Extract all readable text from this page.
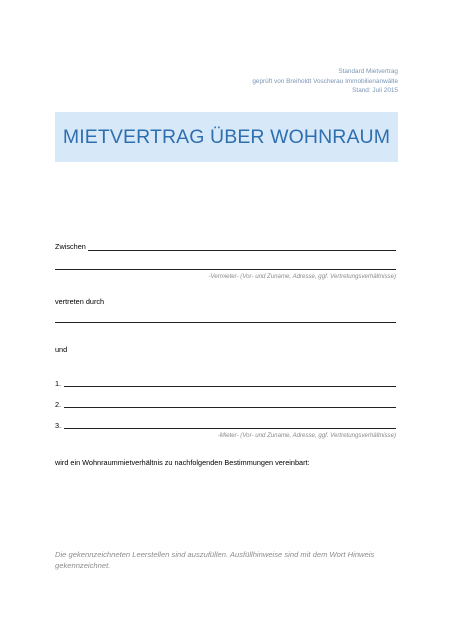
Standard Mietvertrag
geprüft von Breiholdt Voscherau Immobilienanwälte
Stand: Juli 2015
MIETVERTRAG ÜBER WOHNRAUM
Zwischen
-Vermieter- (Vor- und Zuname, Adresse, ggf. Vertretungsverhältnisse)
vertreten durch
und
1.
2.
3.
-Mieter- (Vor- und Zuname, Adresse, ggf. Vertretungsverhältnisse)
wird ein Wohnraummietverhältnis zu nachfolgenden Bestimmungen vereinbart:
Die gekennzeichneten Leerstellen sind auszufüllen. Ausfüllhinweise sind mit dem Wort Hinweis gekennzeichnet.
